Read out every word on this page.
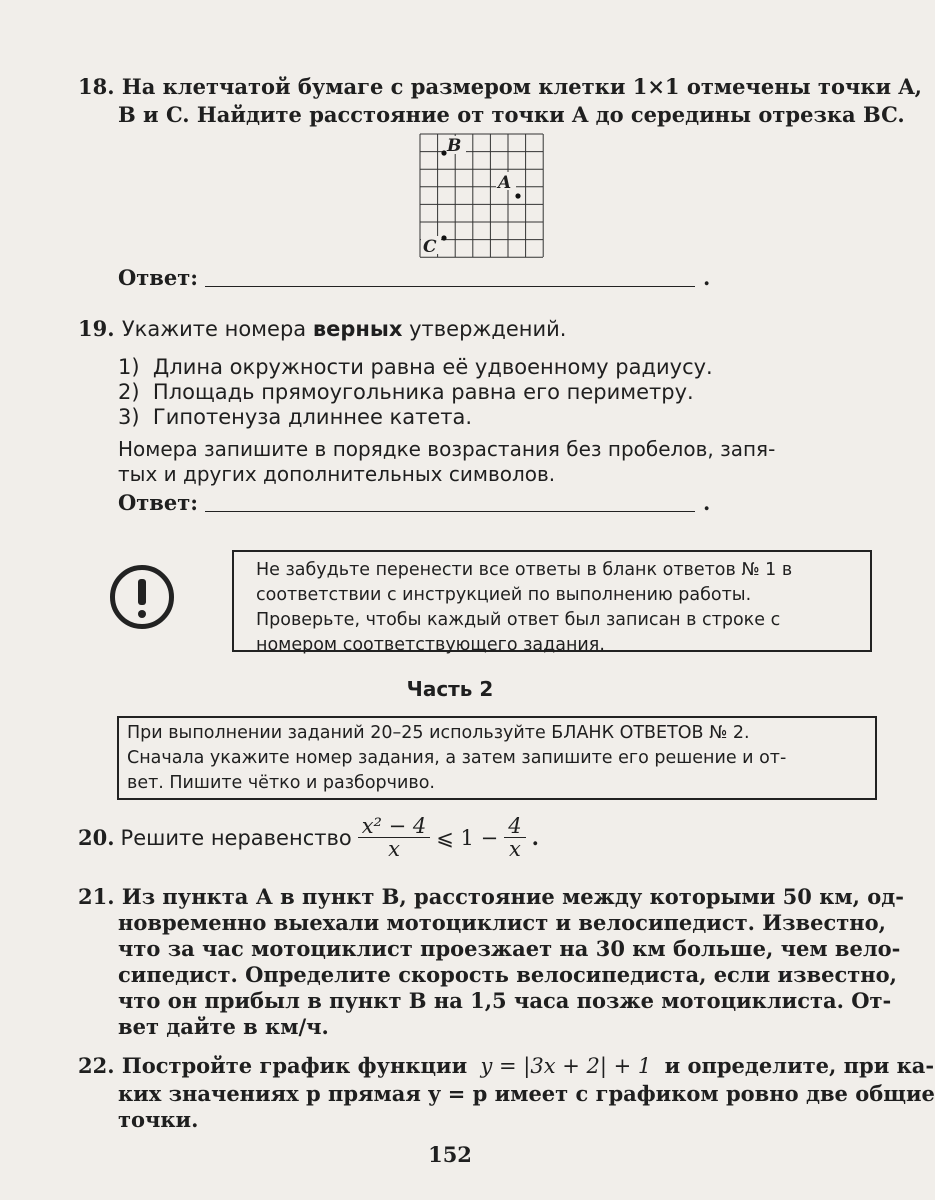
18. На клетчатой бумаге с размером клетки 1×1 отмечены точки A,
B и C. Найдите расстояние от точки A до середины отрезка BC.
B
A
C
Ответ:	.
19. Укажите номера верных утверждений.
1) Длина окружности равна её удвоенному радиусу.
2) Площадь прямоугольника равна его периметру.
3) Гипотенуза длиннее катета.
Номера запишите в порядке возрастания без пробелов, запя-
тых и других дополнительных символов.
Ответ:	.
Не забудьте перенести все ответы в бланк ответов № 1 в
соответствии с инструкцией по выполнению работы.
Проверьте, чтобы каждый ответ был записан в строке с
номером соответствующего задания.
Часть 2
При выполнении заданий 20–25 используйте БЛАНК ОТВЕТОВ № 2.
Сначала укажите номер задания, а затем запишите его решение и от-
вет. Пишите чётко и разборчиво.
20. Решите неравенство $\frac{\text{x² − 4}}{x}$ ⩽ $1 - \frac{4}{x}$ .
21. Из пункта А в пункт В, расстояние между которыми 50 км, од-
новременно выехали мотоциклист и велосипедист. Известно,
что за час мотоциклист проезжает на 30 км больше, чем вело-
сипедист. Определите скорость велосипедиста, если известно,
что он прибыл в пункт В на 1,5 часа позже мотоциклиста. От-
вет дайте в км/ч.
22. Постройте график функции y = |3x + 2| + 1 и определите, при ка-
ких значениях p прямая y = p имеет с графиком ровно две общие
точки.
152
